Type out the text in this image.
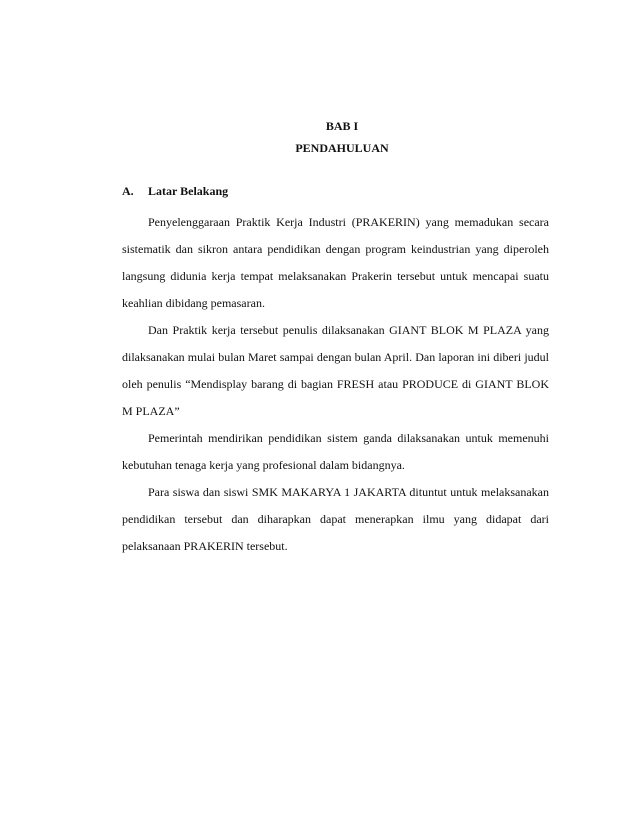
BAB I
PENDAHULUAN
A. Latar Belakang

Penyelenggaraan Praktik Kerja Industri (PRAKERIN) yang memadukan secara sistematik dan sikron antara pendidikan dengan program keindustrian yang diperoleh langsung didunia kerja tempat melaksanakan Prakerin tersebut untuk mencapai suatu keahlian dibidang pemasaran.

Dan Praktik kerja tersebut penulis dilaksanakan GIANT BLOK M PLAZA yang dilaksanakan mulai bulan Maret sampai dengan bulan April. Dan laporan ini diberi judul oleh penulis “Mendisplay barang di bagian FRESH atau PRODUCE di GIANT BLOK M PLAZA”

Pemerintah mendirikan pendidikan sistem ganda dilaksanakan untuk memenuhi kebutuhan tenaga kerja yang profesional dalam bidangnya.

Para siswa dan siswi SMK MAKARYA 1 JAKARTA dituntut untuk melaksanakan pendidikan tersebut dan diharapkan dapat menerapkan ilmu yang didapat dari pelaksanaan PRAKERIN tersebut.
